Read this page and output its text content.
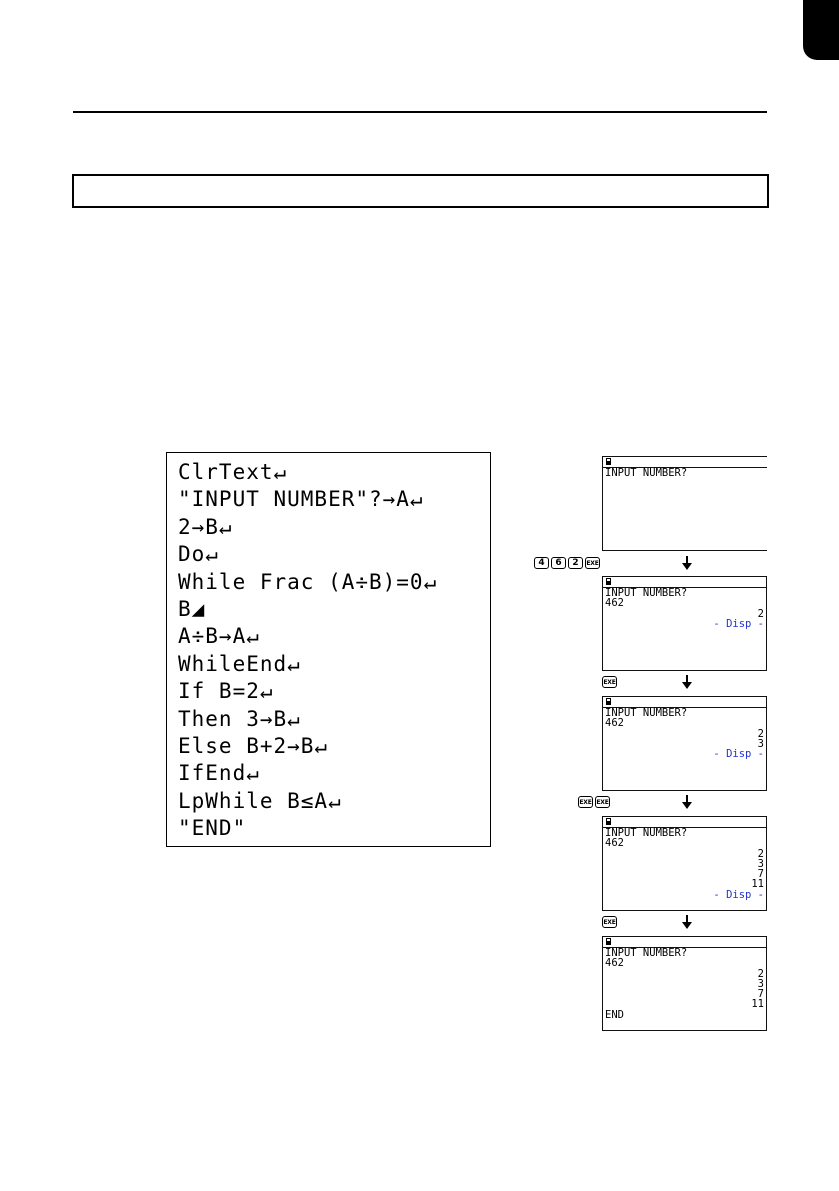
ClrText↵
"INPUT NUMBER"?→A↵
2→B↵
Do↵
While Frac (A÷B)=0↵
B◢
A÷B→A↵
WhileEnd↵
If B=2↵
Then 3→B↵
Else B+2→B↵
IfEnd↵
LpWhile B≤A↵
"END"
INPUT NUMBER?
4	6	2	EXE
INPUT NUMBER?
462
2
- Disp -
EXE
INPUT NUMBER?
462
2
3
- Disp -
EXE EXE
INPUT NUMBER?
462
2
3
7
11
- Disp -
EXE
INPUT NUMBER?
462
2
3
7
11
END
